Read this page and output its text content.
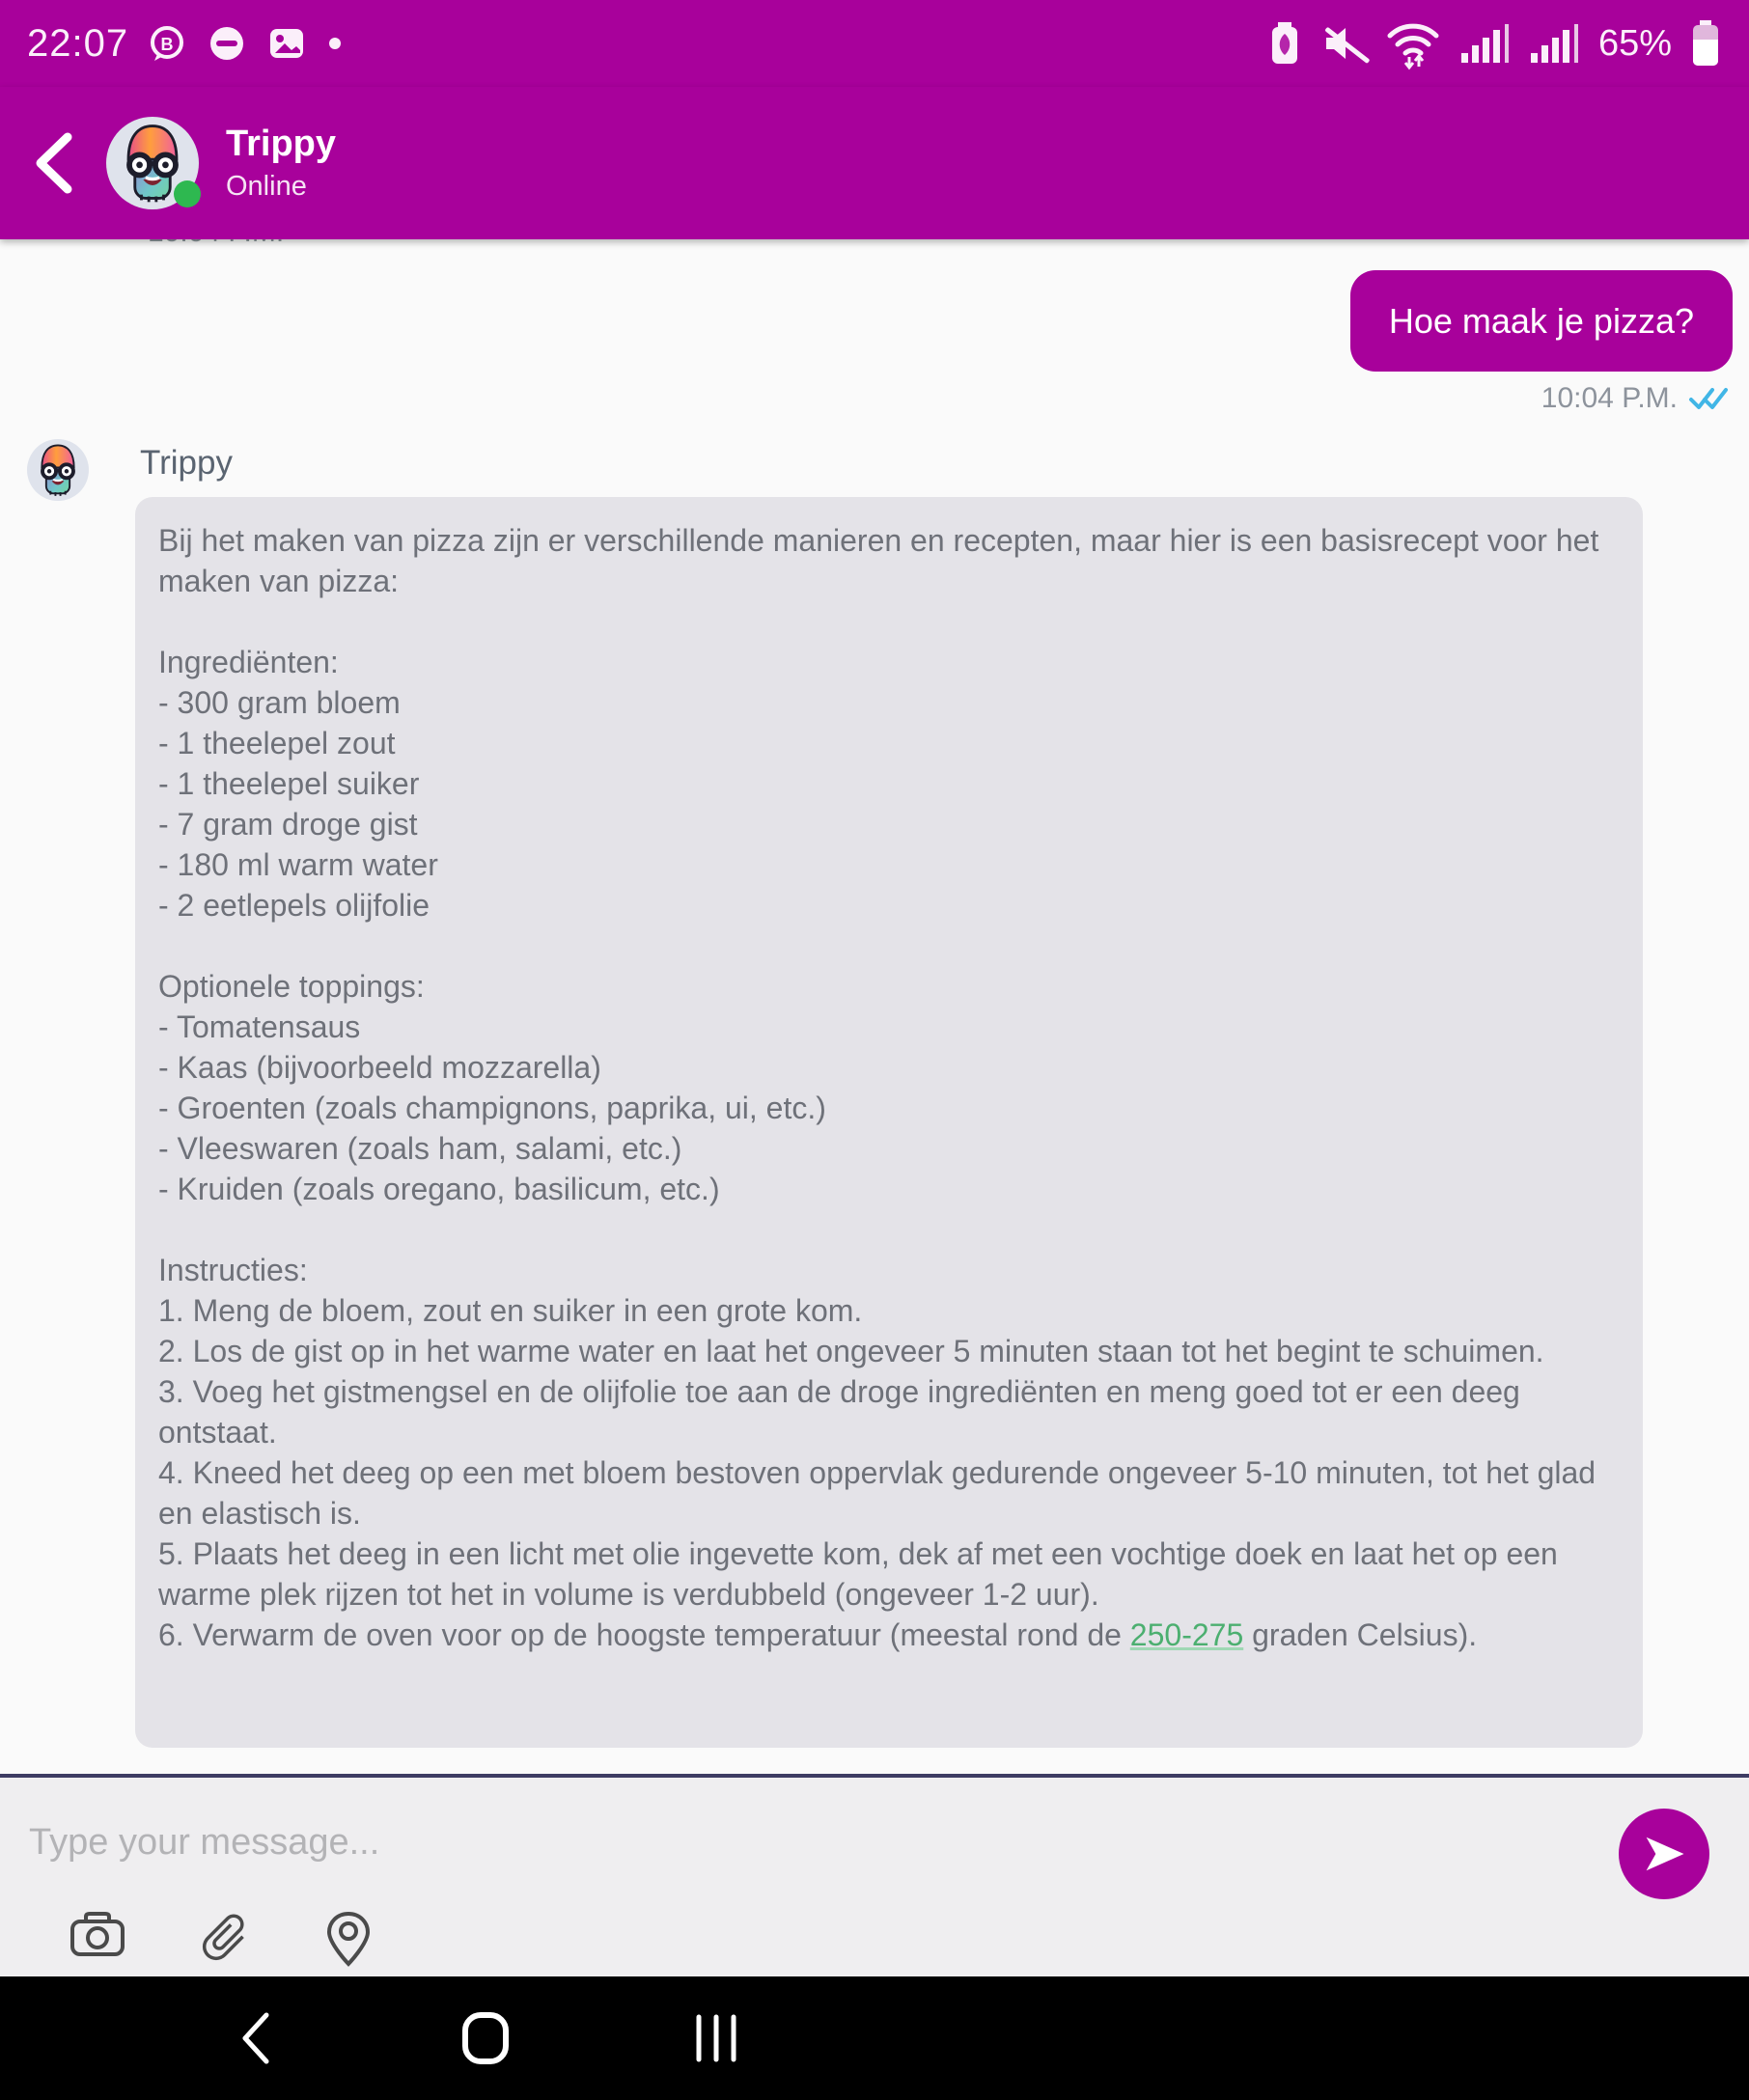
22:07 B	65%
Trippy
Online
Hoe maak je pizza?
10:04 P.M.
Trippy
Bij het maken van pizza zijn er verschillende manieren en recepten, maar hier is een basisrecept voor het maken van pizza:

Ingrediënten:
- 300 gram bloem
- 1 theelepel zout
- 1 theelepel suiker
- 7 gram droge gist
- 180 ml warm water
- 2 eetlepels olijfolie

Optionele toppings:
- Tomatensaus
- Kaas (bijvoorbeeld mozzarella)
- Groenten (zoals champignons, paprika, ui, etc.)
- Vleeswaren (zoals ham, salami, etc.)
- Kruiden (zoals oregano, basilicum, etc.)

Instructies:
1. Meng de bloem, zout en suiker in een grote kom.
2. Los de gist op in het warme water en laat het ongeveer 5 minuten staan tot het begint te schuimen.
3. Voeg het gistmengsel en de olijfolie toe aan de droge ingrediënten en meng goed tot er een deeg ontstaat.
4. Kneed het deeg op een met bloem bestoven oppervlak gedurende ongeveer 5-10 minuten, tot het glad en elastisch is.
5. Plaats het deeg in een licht met olie ingevette kom, dek af met een vochtige doek en laat het op een warme plek rijzen tot het in volume is verdubbeld (ongeveer 1-2 uur).
6. Verwarm de oven voor op de hoogste temperatuur (meestal rond de 250-275 graden Celsius).
Type your message...
